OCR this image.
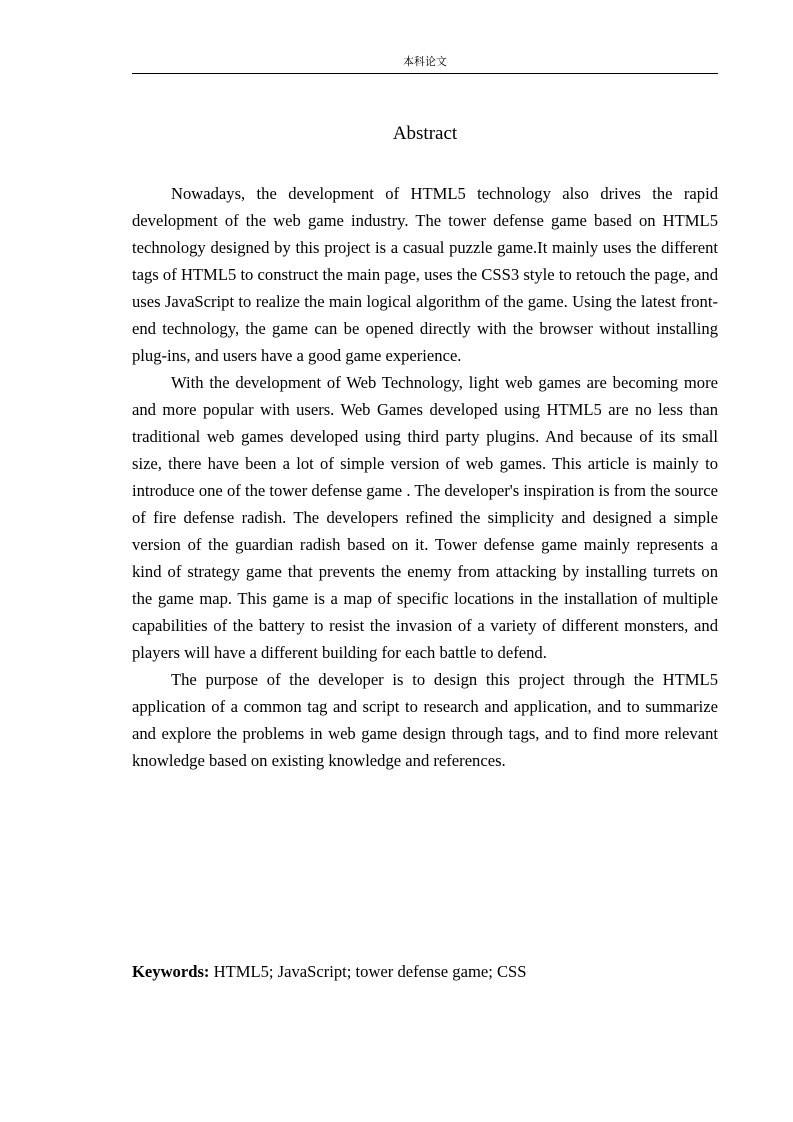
本科论文
Abstract

Nowadays, the development of HTML5 technology also drives the rapid development of the web game industry. The tower defense game based on HTML5 technology designed by this project is a casual puzzle game.It mainly uses the different tags of HTML5 to construct the main page, uses the CSS3 style to retouch the page, and uses JavaScript to realize the main logical algorithm of the game. Using the latest front-end technology, the game can be opened directly with the browser without installing plug-ins, and users have a good game experience.

With the development of Web Technology, light web games are becoming more and more popular with users. Web Games developed using HTML5 are no less than traditional web games developed using third party plugins. And because of its small size, there have been a lot of simple version of web games. This article is mainly to introduce one of the tower defense game . The developer's inspiration is from the source of fire defense radish. The developers refined the simplicity and designed a simple version of the guardian radish based on it. Tower defense game mainly represents a kind of strategy game that prevents the enemy from attacking by installing turrets on the game map. This game is a map of specific locations in the installation of multiple capabilities of the battery to resist the invasion of a variety of different monsters, and players will have a different building for each battle to defend.

The purpose of the developer is to design this project through the HTML5 application of a common tag and script to research and application, and to summarize and explore the problems in web game design through tags, and to find more relevant knowledge based on existing knowledge and references.

Keywords: HTML5; JavaScript; tower defense game; CSS
